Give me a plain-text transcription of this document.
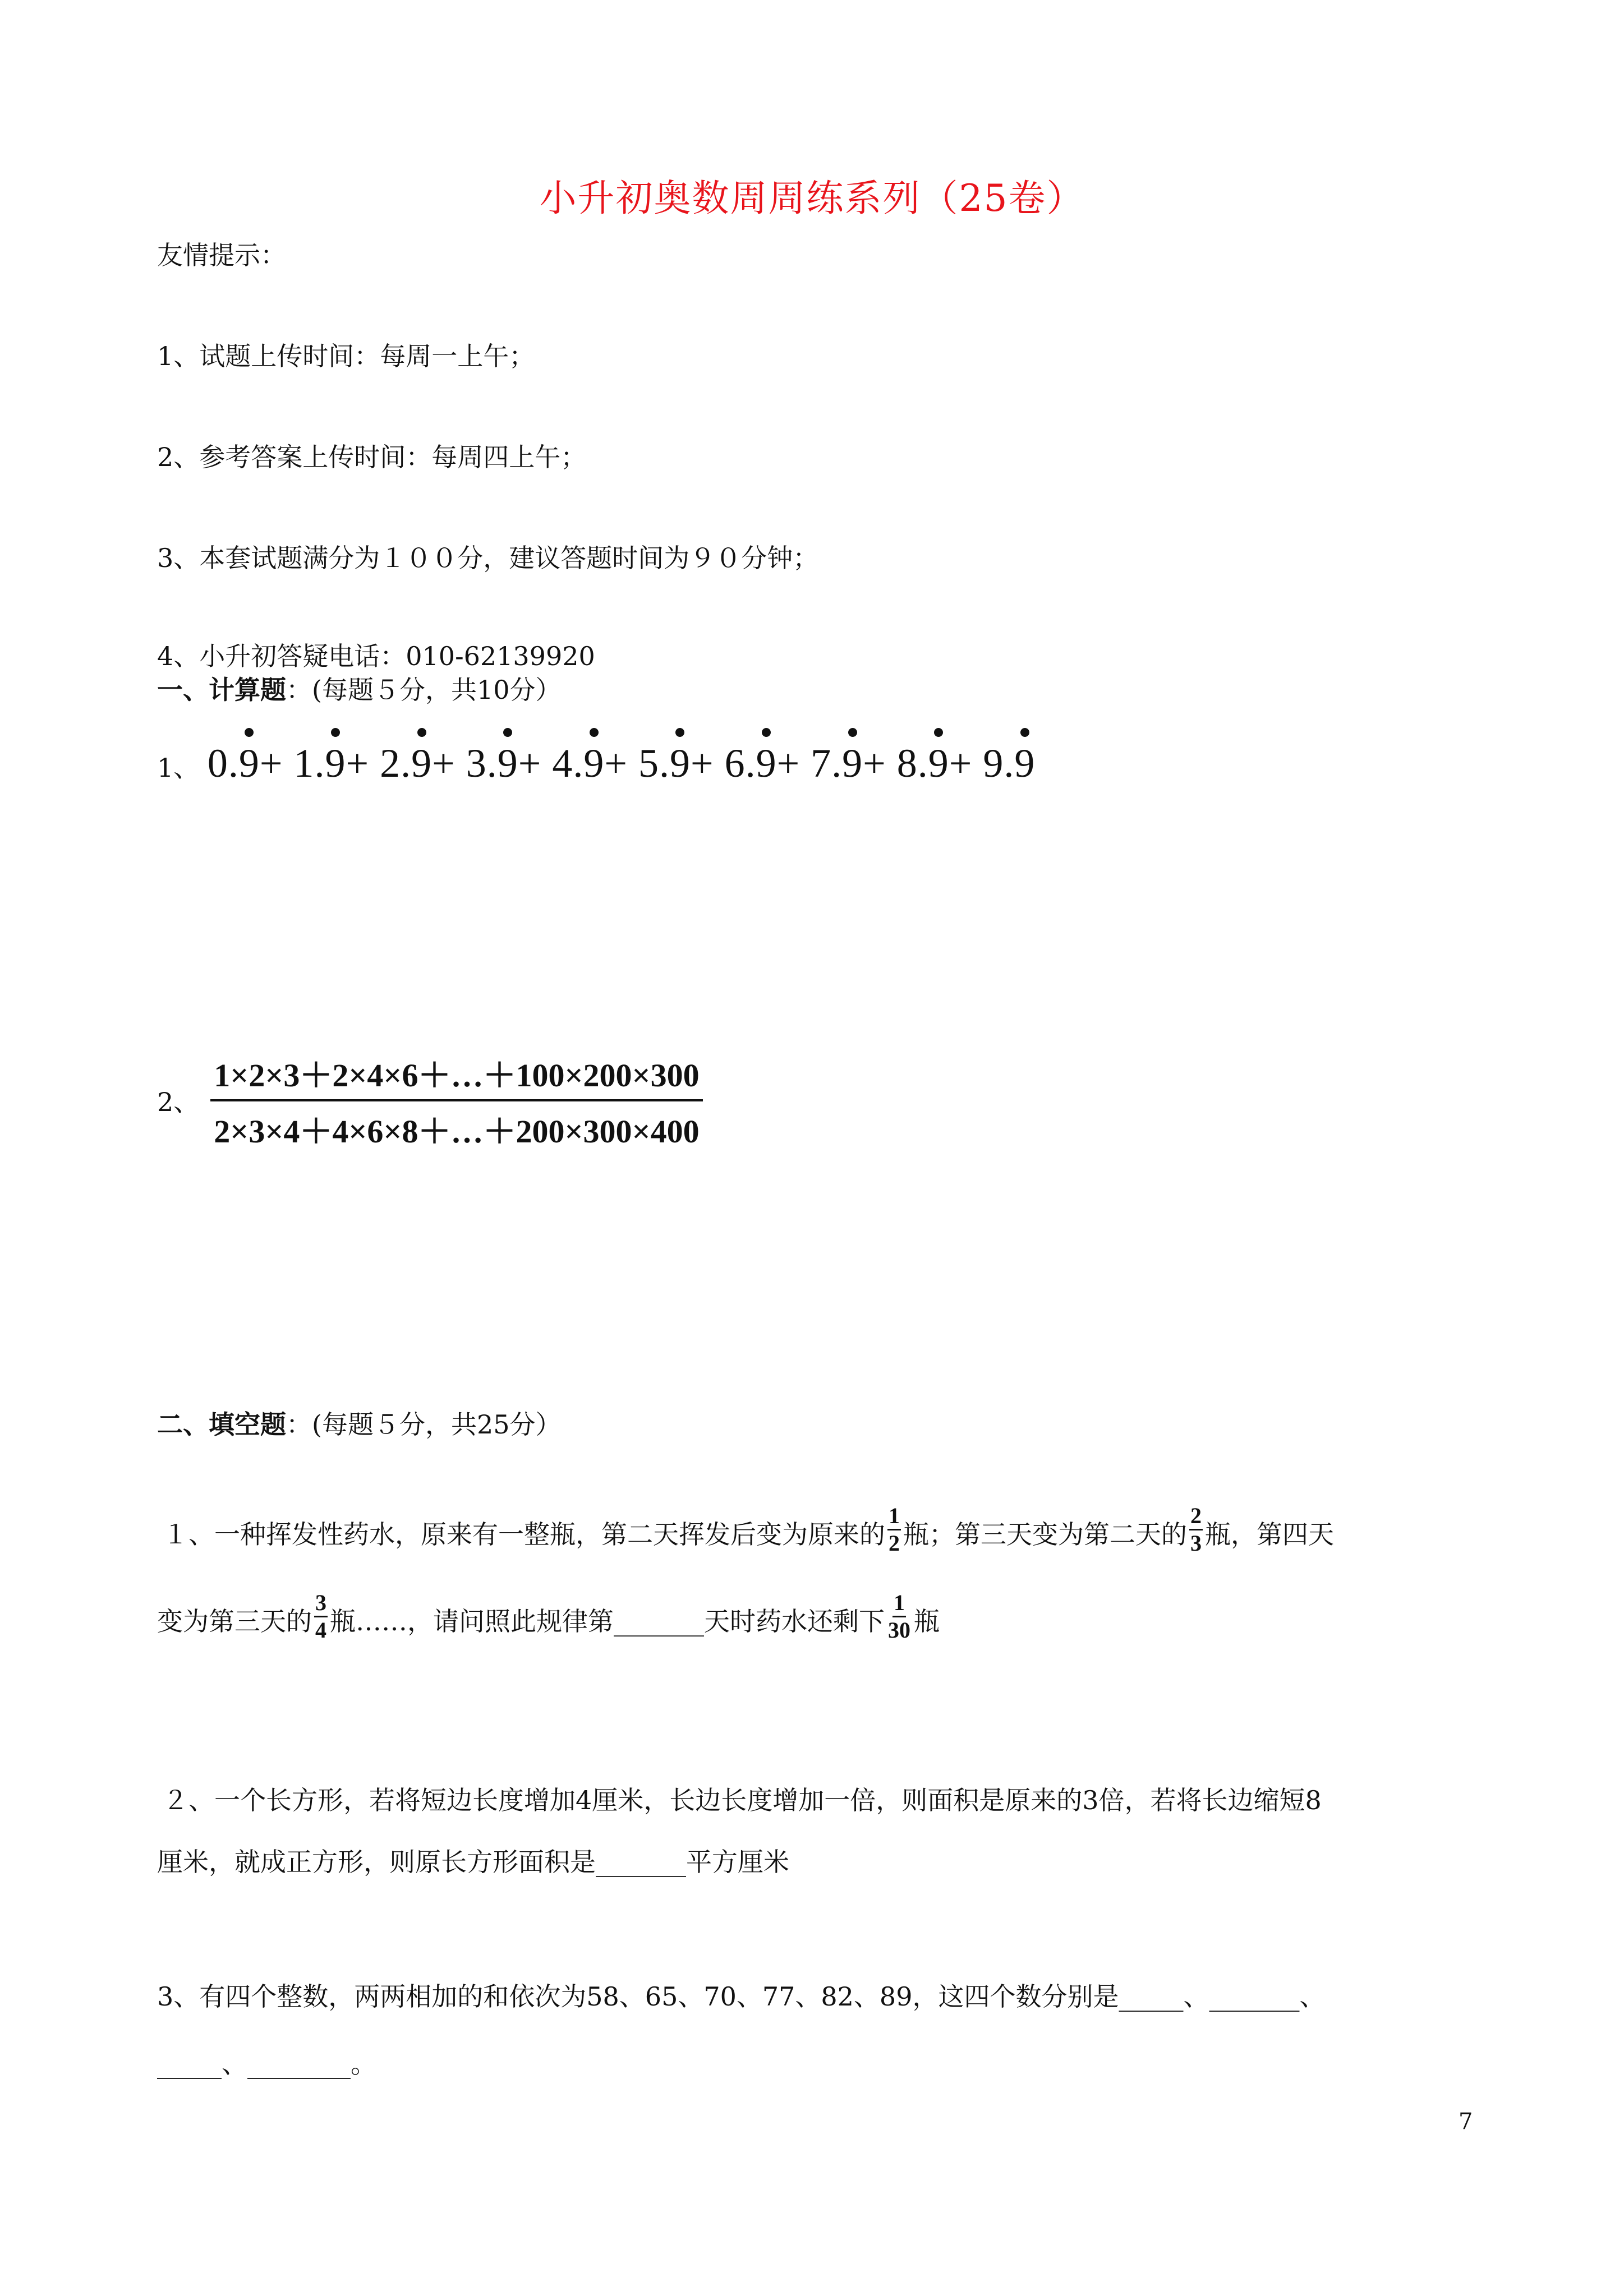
小升初奥数周周练系列（25卷）
友情提示：
1、试题上传时间：每周一上午；
2、参考答案上传时间：每周四上午；
3、本套试题满分为１００分，建议答题时间为９０分钟；
4、小升初答疑电话：010-62139920
一、计算题：(每题５分，共10分）
1、 0.9+ 1.9+ 2.9+ 3.9+ 4.9+ 5.9+ 6.9+ 7.9+ 8.9+ 9.9
2、 $\frac{1\times 2\times 3+2\times 4\times 6+\dots+100\times 200\times 300}{2\times 3\times 4+4\times 6\times 8+\dots+200\times 300\times 400}$
二、填空题：(每题５分，共25分）
１、一种挥发性药水，原来有一整瓶，第二天挥发后变为原来的 $\frac{1}{2}$ 瓶；第三天变为第二天的 $\frac{2}{3}$ 瓶，第四天
变为第三天的 $\frac{3}{4}$ 瓶……，请问照此规律第_______天时药水还剩下 $\frac{1}{30}$ 瓶
２、一个长方形，若将短边长度增加4厘米，长边长度增加一倍，则面积是原来的3倍，若将长边缩短8
厘米，就成正方形，则原长方形面积是_______平方厘米
3、有四个整数，两两相加的和依次为58、65、70、77、82、89，这四个数分别是_____、_______、
_____、________。
7
